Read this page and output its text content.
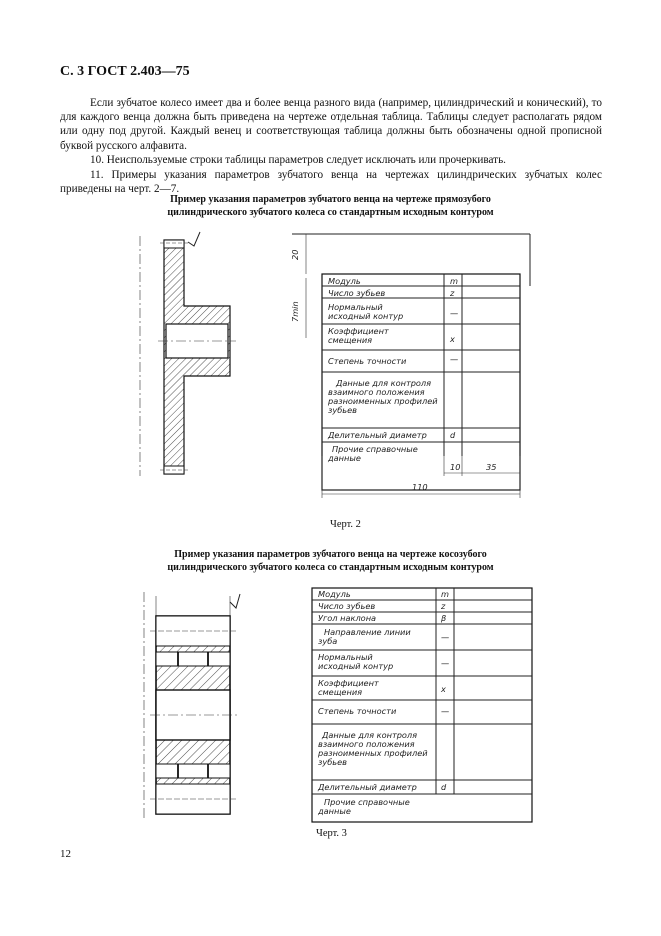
С. 3 ГОСТ 2.403—75
Если зубчатое колесо имеет два и более венца разного вида (например, цилиндрический и конический), то для каждого венца должна быть приведена на чертеже отдельная таблица. Таблицы следует располагать рядом или одну под другой. Каждый венец и соответствующая таблица должны быть обозначены одной прописной буквой русского алфавита.
10. Неиспользуемые строки таблицы параметров следует исключать или прочеркивать.
11. Примеры указания параметров зубчатого венца на чертежах цилиндрических зубчатых колес приведены на черт. 2—7.
Пример указания параметров зубчатого венца на чертеже прямозубого
цилиндрического зубчатого колеса со стандартным исходным контуром
20
7min
10	35
110
Модуль	m
Число зубьев	z
Нормальный исходный контур	—
Коэффициент смещения	x
Степень точности	—
Данные для контроля взаимного положения разноименных профилей зубьев
Делительный диаметр	d
Прочие справочные данные
Черт. 2
Пример указания параметров зубчатого венца на чертеже косозубого
цилиндрического зубчатого колеса со стандартным исходным контуром
Модуль	m
Число зубьев	z
Угол наклона	β
Направление линии зуба	—
Нормальный исходный контур	—
Коэффициент смещения	x
Степень точности	—
Данные для контроля взаимного положения разноименных профилей зубьев
Делительный диаметр	d
Прочие справочные данные
Черт. 3
12
